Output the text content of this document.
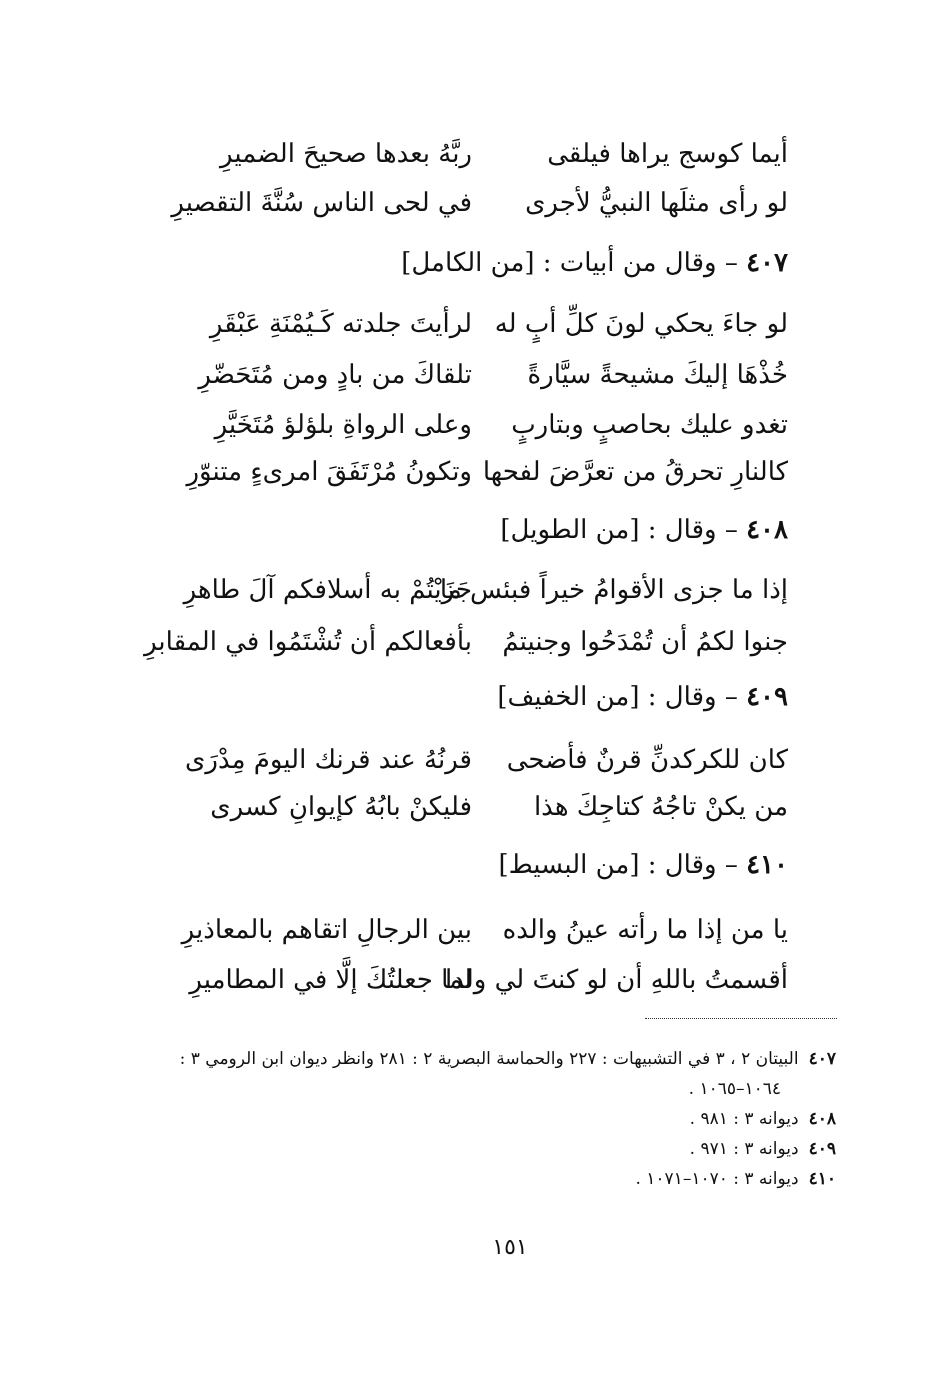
أيما كوسج يراها فيلقى
ربَّهُ بعدها صحيحَ الضميرِ
لو رأى مثلَها النبيُّ لأجرى
في لحى الناس سُنَّةَ التقصيرِ
٤٠٧ – وقال من أبيات : [من الكامل]
لو جاءَ يحكي لونَ كلِّ أبٍ له
لرأيتَ جلدته كَـيُمْنَةِ عَبْقَرِ
خُذْهَا إليكَ مشيحةً سيَّارةً
تلقاكَ من بادٍ ومن مُتَحَضّرِ
تغدو عليك بحاصبٍ وبتاربٍ
وعلى الرواةِ بلؤلؤ مُتَخَيَّرِ
كالنارِ تحرقُ من تعرَّضَ لفحها
وتكونُ مُرْتَفَقَ امرىءٍ متنوّرِ
٤٠٨ – وقال : [من الطويل]
إذا ما جزى الأقوامُ خيراً فبئس ما
جَزَيْتُمْ به أسلافكم آلَ طاهرِ
جنوا لكمُ أن تُمْدَحُوا وجنيتمُ
بأفعالكم أن تُشْتَمُوا في المقابرِ
٤٠٩ – وقال : [من الخفيف]
كان للكركدنِّ قرنٌ فأضحى
قرنُهُ عند قرنك اليومَ مِدْرَى
من يكنْ تاجُهُ كتاجِكَ هذا
فليكنْ بابُهُ كإيوانِ كسرى
٤١٠ – وقال : [من البسيط]
يا من إذا ما رأته عينُ والده
بين الرجالِ اتقاهم بالمعاذيرِ
أقسمتُ باللهِ أن لو كنتَ لي ولدا
لما جعلتُكَ إلَّا في المطاميرِ
٤٠٧البيتان ٢ ، ٣ في التشبيهات : ٢٢٧ والحماسة البصرية ٢ : ٢٨١ وانظر ديوان ابن الرومي ٣ :
١٠٦٤–١٠٦٥ .
٤٠٨ديوانه ٣ : ٩٨١ .
٤٠٩ديوانه ٣ : ٩٧١ .
٤١٠ديوانه ٣ : ١٠٧٠–١٠٧١ .
١٥١
